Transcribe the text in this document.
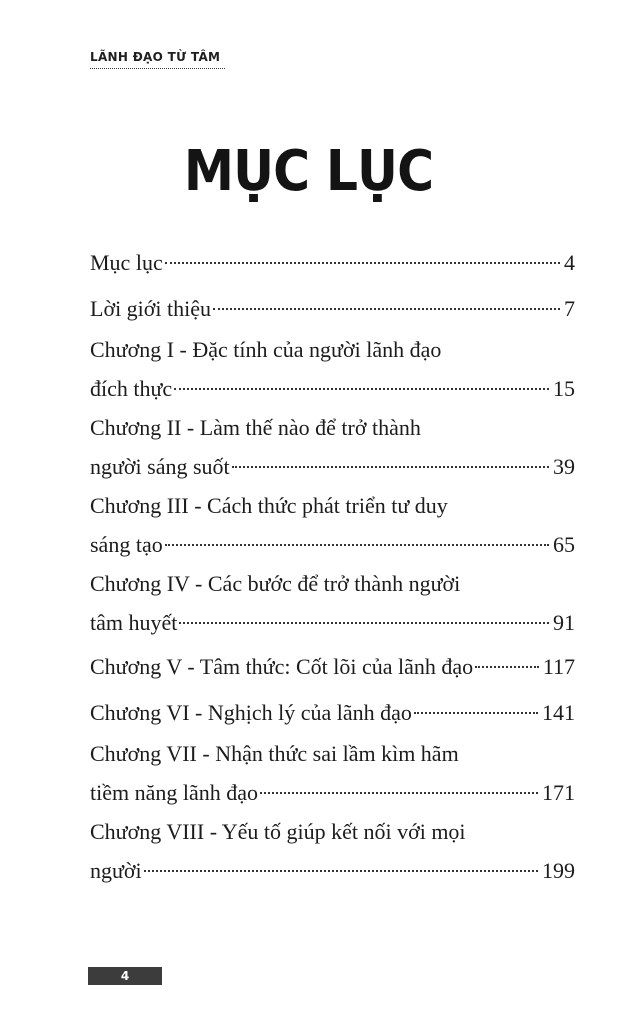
LÃNH ĐẠO TỪ TÂM
MỤC LỤC
Mục lục	4
Lời giới thiệu	7
Chương I - Đặc tính của người lãnh đạo
đích thực	15
Chương II - Làm thế nào để trở thành
người sáng suốt	39
Chương III - Cách thức phát triển tư duy
sáng tạo	65
Chương IV - Các bước để trở thành người
tâm huyết	91
Chương V - Tâm thức: Cốt lõi của lãnh đạo	117
Chương VI - Nghịch lý của lãnh đạo	141
Chương VII - Nhận thức sai lầm kìm hãm
tiềm năng lãnh đạo	171
Chương VIII - Yếu tố giúp kết nối với mọi
người	199
4
